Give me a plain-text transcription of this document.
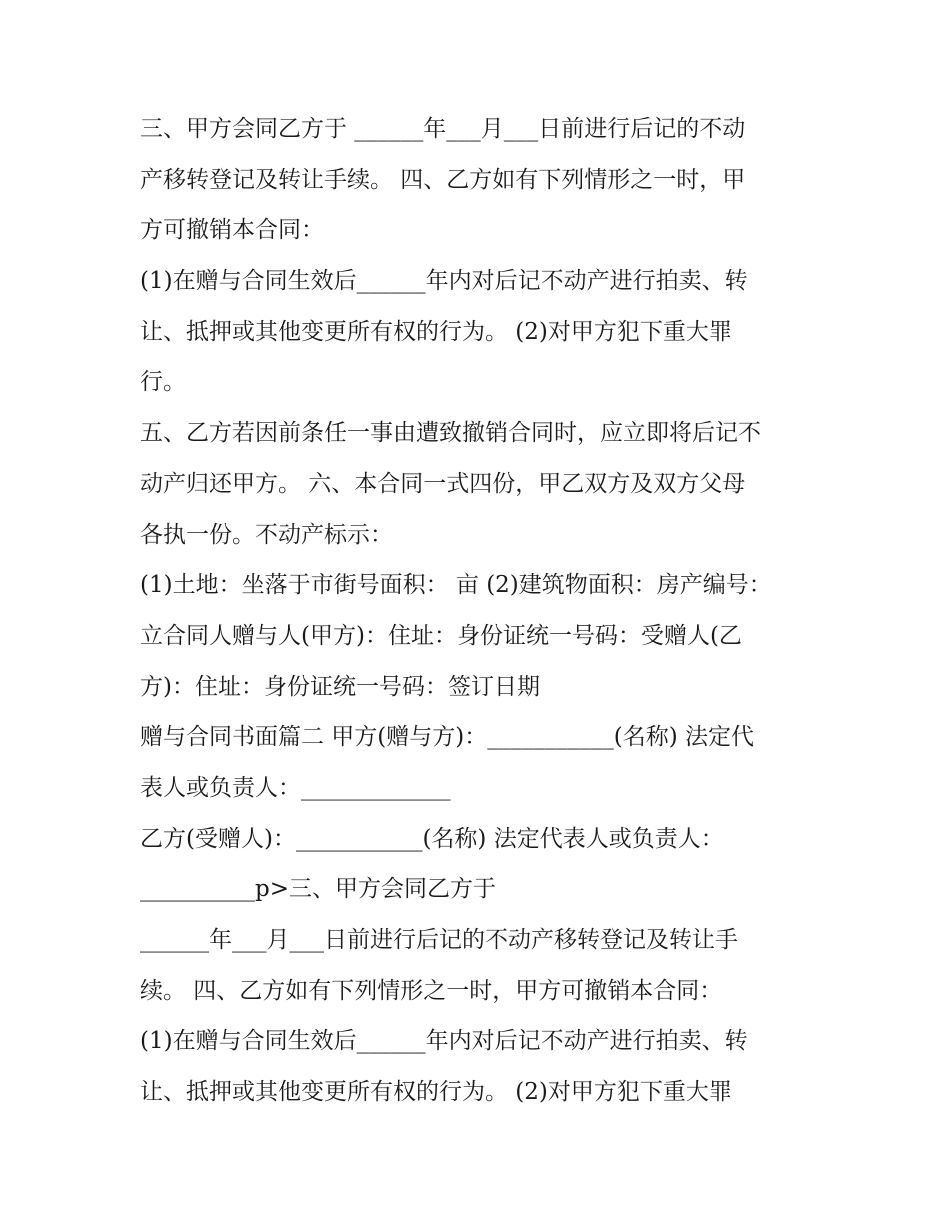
三、甲方会同乙方于 ______年___月___日前进行后记的不动
产移转登记及转让手续。 四、乙方如有下列情形之一时，甲
方可撤销本合同：
(1)在赠与合同生效后______年内对后记不动产进行拍卖、转
让、抵押或其他变更所有权的行为。 (2)对甲方犯下重大罪
行。
五、乙方若因前条任一事由遭致撤销合同时，应立即将后记不
动产归还甲方。 六、本合同一式四份，甲乙双方及双方父母
各执一份。不动产标示：
(1)土地：坐落于市街号面积： 亩 (2)建筑物面积：房产编号：
立合同人赠与人(甲方)：住址：身份证统一号码：受赠人(乙
方)：住址：身份证统一号码：签订日期
赠与合同书面篇二 甲方(赠与方)：___________(名称) 法定代
表人或负责人：_____________
乙方(受赠人)：___________(名称) 法定代表人或负责人：
__________p>三、甲方会同乙方于
______年___月___日前进行后记的不动产移转登记及转让手
续。 四、乙方如有下列情形之一时，甲方可撤销本合同：
(1)在赠与合同生效后______年内对后记不动产进行拍卖、转
让、抵押或其他变更所有权的行为。 (2)对甲方犯下重大罪
